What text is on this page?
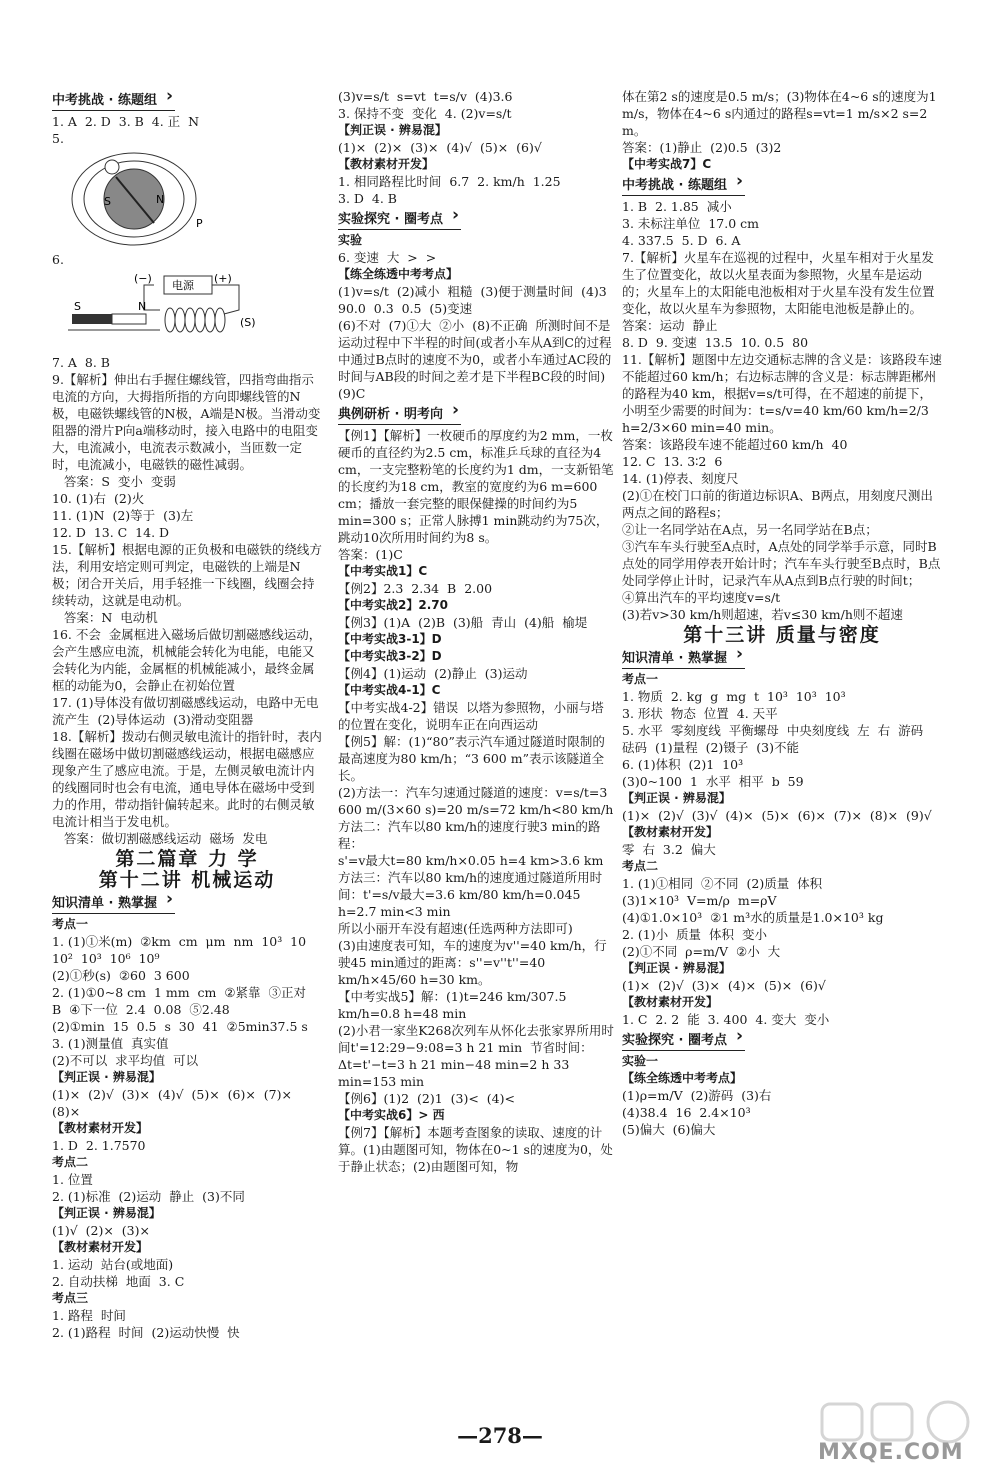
中考挑战 · 练题组 ›
1. A  2. D  3. B  4. 正  N
5.
S	N
P
6.
电源
S	N
(S)
(−)	(+)
7. A  8. B
9.【解析】伸出右手握住螺线管，四指弯曲指示电流的方向，大拇指所指的方向即螺线管的N极，电磁铁螺线管的N极，A端是N极。当滑动变阻器的滑片P向a端移动时，接入电路中的电阻变大，电流减小，电流表示数减小，当匝数一定时，电流减小，电磁铁的磁性减弱。
答案：S  变小  变弱
10. (1)右  (2)火
11. (1)N  (2)等于  (3)左
12. D  13. C  14. D
15.【解析】根据电源的正负极和电磁铁的绕线方法，利用安培定则可判定，电磁铁的上端是N极；闭合开关后，用手轻推一下线圈，线圈会持续转动，这就是电动机。
答案：N  电动机
16. 不会  金属框进入磁场后做切割磁感线运动，会产生感应电流，机械能会转化为电能，电能又会转化为内能，金属框的机械能减小，最终金属框的动能为0，会静止在初始位置
17. (1)导体没有做切割磁感线运动，电路中无电流产生  (2)导体运动  (3)滑动变阻器
18.【解析】拨动右侧灵敏电流计的指针时，表内线圈在磁场中做切割磁感线运动，根据电磁感应现象产生了感应电流。于是，左侧灵敏电流计内的线圈同时也会有电流，通电导体在磁场中受到力的作用，带动指针偏转起来。此时的右侧灵敏电流计相当于发电机。
答案：做切割磁感线运动  磁场  发电
第二篇章 力 学
第十二讲 机械运动
知识清单 · 熟掌握 ›
考点一
1. (1)①米(m)  ②km  cm  μm  nm  10³  10  10²  10³  10⁶  10⁹
(2)①秒(s)  ②60  3 600
2. (1)①0~8 cm  1 mm  cm  ②紧靠  ③正对  B  ④下一位  2.4  0.08  ⑤2.48
(2)①min  15  0.5  s  30  41  ②5min37.5 s
3. (1)测量值  真实值
(2)不可以  求平均值  可以
【判正误 · 辨易混】
(1)×  (2)√  (3)×  (4)√  (5)×  (6)×  (7)×  (8)×
【教材素材开发】
1. D  2. 1.7570
考点二
1. 位置
2. (1)标准  (2)运动  静止  (3)不同
【判正误 · 辨易混】
(1)√  (2)×  (3)×
【教材素材开发】
1. 运动  站台(或地面)
2. 自动扶梯  地面  3. C
考点三
1. 路程  时间
2. (1)路程  时间  (2)运动快慢  快
(3)v=s/t  s=vt  t=s/v  (4)3.6
3. 保持不变  变化  4. (2)v=s/t
【判正误 · 辨易混】
(1)×  (2)×  (3)×  (4)√  (5)×  (6)√
【教材素材开发】
1. 相同路程比时间  6.7  2. km/h  1.25
3. D  4. B
实验探究 · 圈考点 ›
实验
6. 变速  大  >  >
【练全练透中考考点】
(1)v=s/t  (2)减小  粗糙  (3)便于测量时间  (4)3  90.0  0.3  0.5  (5)变速
(6)不对  (7)①大  ②小  (8)不正确  所测时间不是运动过程中下半程的时间(或者小车从A到C的过程中通过B点时的速度不为0，或者小车通过AC段的时间与AB段的时间之差才是下半程BC段的时间)
(9)C
典例研析 · 明考向 ›
【例1】【解析】一枚硬币的厚度约为2 mm，一枚硬币的直径约为2.5 cm，标准乒乓球的直径为4 cm，一支完整粉笔的长度约为1 dm，一支新铅笔的长度约为18 cm，教室的宽度约为6 m=600 cm；播放一套完整的眼保健操的时间约为5 min=300 s；正常人脉搏1 min跳动约为75次，跳动10次所用时间约为8 s。
答案：(1)C
【中考实战1】C
【例2】2.3  2.34  B  2.00
【中考实战2】2.70
【例3】(1)A  (2)B  (3)船  青山  (4)船  榆堤
【中考实战3-1】D
【中考实战3-2】D
【例4】(1)运动  (2)静止  (3)运动
【中考实战4-1】C
【中考实战4-2】错误  以塔为参照物，小丽与塔的位置在变化，说明车正在向西运动
【例5】解：(1)“80”表示汽车通过隧道时限制的最高速度为80 km/h；“3 600 m”表示该隧道全长。
(2)方法一：汽车匀速通过隧道的速度：v=s/t=3 600 m/(3×60 s)=20 m/s=72 km/h<80 km/h
方法二：汽车以80 km/h的速度行驶3 min的路程：
s'=v最大t=80 km/h×0.05 h=4 km>3.6 km
方法三：汽车以80 km/h的速度通过隧道所用时间：t'=s/v最大=3.6 km/80 km/h=0.045 h=2.7 min<3 min
所以小丽开车没有超速(任选两种方法即可)
(3)由速度表可知，车的速度为v''=40 km/h，行驶45 min通过的距离：s''=v''t''=40 km/h×45/60 h=30 km。
【中考实战5】解：(1)t=246 km/307.5 km/h=0.8 h=48 min
(2)小君一家坐K268次列车从怀化去张家界所用时间t'=12:29−9:08=3 h 21 min  节省时间：Δt=t'−t=3 h 21 min−48 min=2 h 33 min=153 min
【例6】(1)2  (2)1  (3)<  (4)<
【中考实战6】> 西
【例7】【解析】本题考查图象的读取、速度的计算。(1)由题图可知，物体在0~1 s的速度为0，处于静止状态；(2)由题图可知，物
体在第2 s的速度是0.5 m/s；(3)物体在4~6 s的速度为1 m/s，物体在4~6 s内通过的路程s=vt=1 m/s×2 s=2 m。
答案：(1)静止  (2)0.5  (3)2
【中考实战7】C
中考挑战 · 练题组 ›
1. B  2. 1.85  减小
3. 未标注单位  17.0 cm
4. 337.5  5. D  6. A
7.【解析】火星车在巡视的过程中，火星车相对于火星发生了位置变化，故以火星表面为参照物，火星车是运动的；火星车上的太阳能电池板相对于火星车没有发生位置变化，故以火星车为参照物，太阳能电池板是静止的。
答案：运动  静止
8. D  9. 变速  13.5  10. 0.5  80
11.【解析】题图中左边交通标志牌的含义是：该路段车速不能超过60 km/h；右边标志牌的含义是：标志牌距郴州的路程为40 km，根据v=s/t可得，在不超速的前提下，小明至少需要的时间为：t=s/v=40 km/60 km/h=2/3 h=2/3×60 min=40 min。
答案：该路段车速不能超过60 km/h  40
12. C  13. 3∶2  6
14. (1)停表、刻度尺
(2)①在校门口前的街道边标识A、B两点，用刻度尺测出两点之间的路程s；
②让一名同学站在A点，另一名同学站在B点；
③汽车车头行驶至A点时，A点处的同学举手示意，同时B点处的同学用停表开始计时；汽车车头行驶至B点时，B点处同学停止计时，记录汽车从A点到B点行驶的时间t；
④算出汽车的平均速度v=s/t
(3)若v>30 km/h则超速，若v≤30 km/h则不超速
第十三讲 质量与密度
知识清单 · 熟掌握 ›
考点一
1. 物质  2. kg  g  mg  t  10³  10³  10³
3. 形状  物态  位置  4. 天平
5. 水平  零刻度线  平衡螺母  中央刻度线  左  右  游码  砝码  (1)量程  (2)镊子  (3)不能
6. (1)体积  (2)1  10³
(3)0~100  1  水平  相平  b  59
【判正误 · 辨易混】
(1)×  (2)√  (3)√  (4)×  (5)×  (6)×  (7)×  (8)×  (9)√
【教材素材开发】
零  右  3.2  偏大
考点二
1. (1)①相同  ②不同  (2)质量  体积
(3)1×10³  V=m/ρ  m=ρV
(4)①1.0×10³  ②1 m³水的质量是1.0×10³ kg
2. (1)小  质量  体积  变小
(2)①不同  ρ=m/V  ②小  大
【判正误 · 辨易混】
(1)×  (2)√  (3)×  (4)×  (5)×  (6)√
【教材素材开发】
1. C  2. 2  能  3. 400  4. 变大  变小
实验探究 · 圈考点 ›
实验一
【练全练透中考考点】
(1)ρ=m/V  (2)游码  (3)右
(4)38.4  16  2.4×10³
(5)偏大  (6)偏大
—278—
MXQE.COM
